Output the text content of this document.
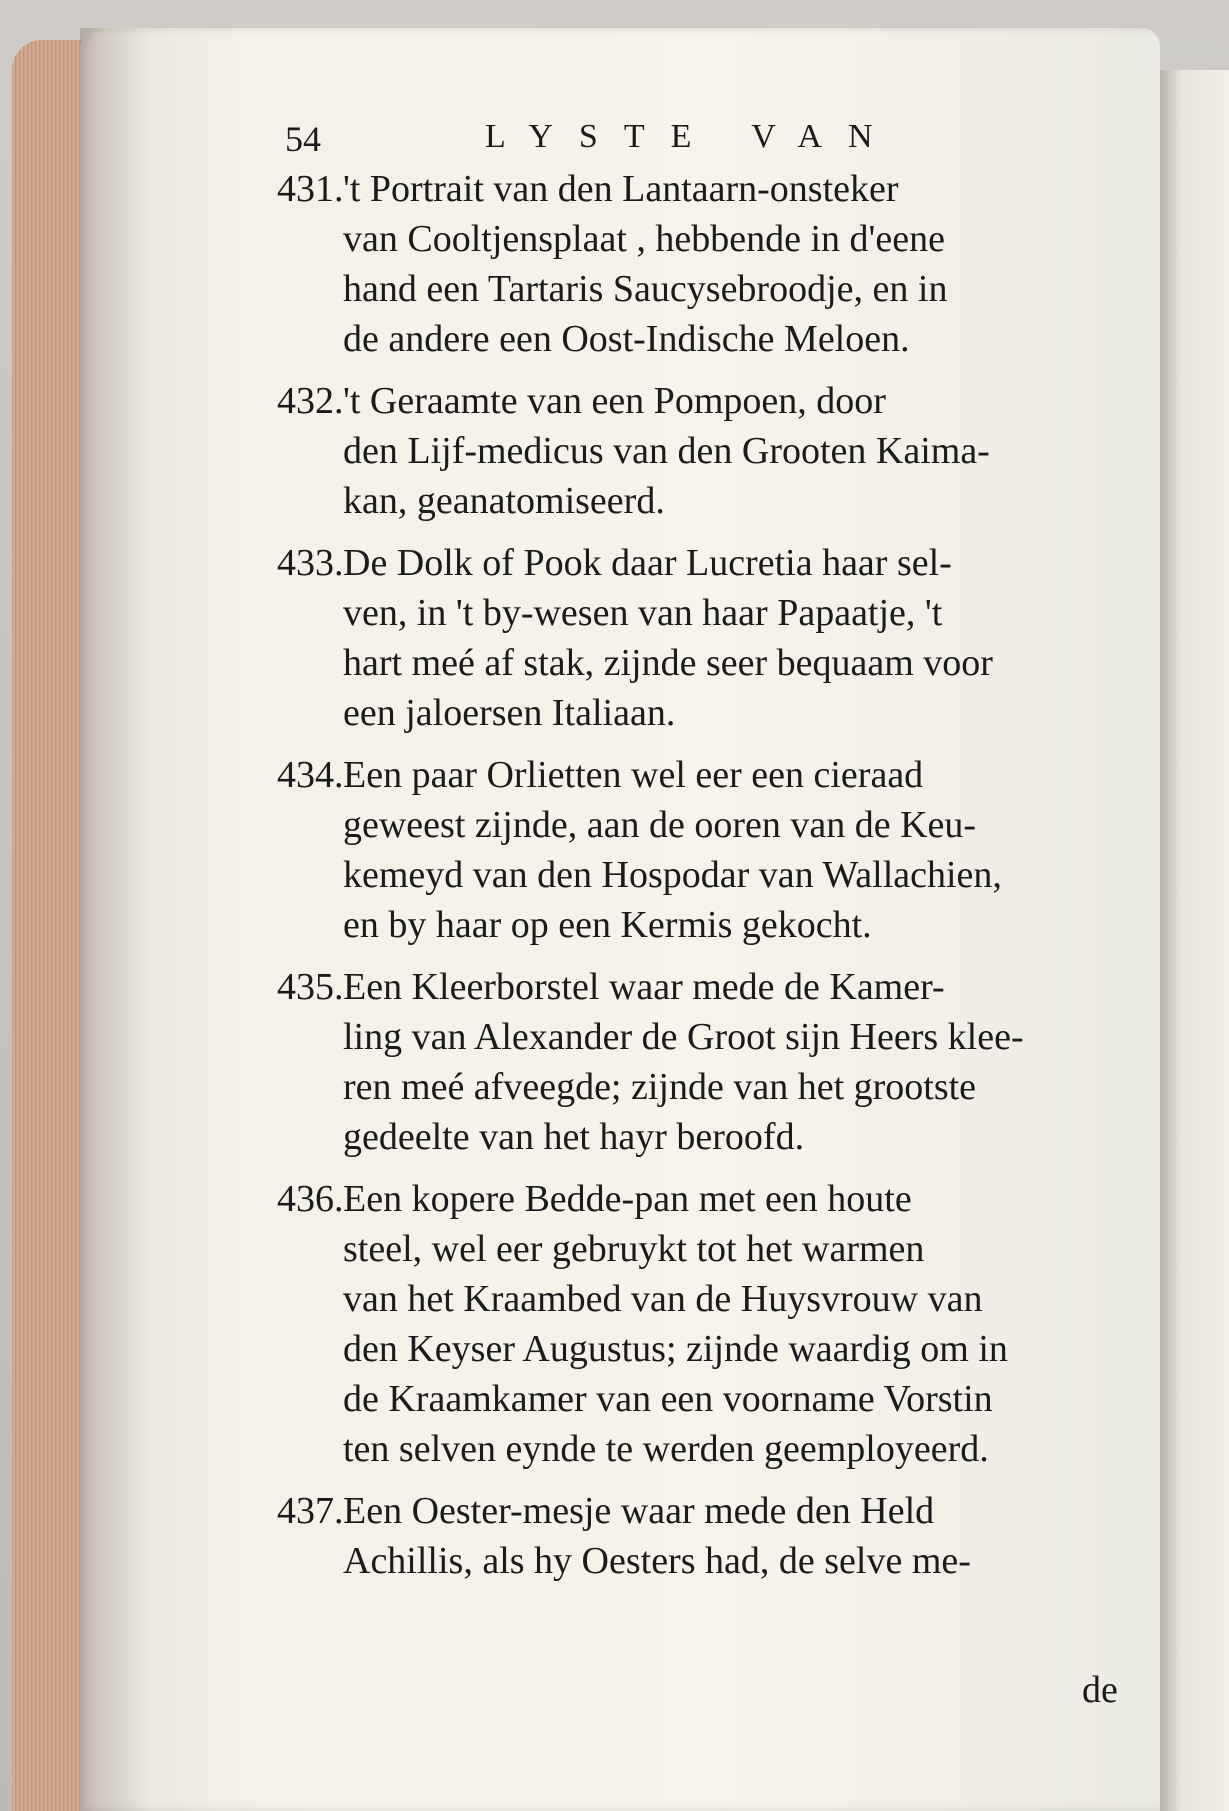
54	LYSTE VAN
431. 't Portrait van den Lantaarn-onsteker
van Cooltjensplaat , hebbende in d'eene
hand een Tartaris Saucysebroodje, en in
de andere een Oost-Indische Meloen.
432. 't Geraamte van een Pompoen, door
den Lijf-medicus van den Grooten Kaima-
kan, geanatomiseerd.
433. De Dolk of Pook daar Lucretia haar sel-
ven, in 't by-wesen van haar Papaatje, 't
hart meé af stak, zijnde seer bequaam voor
een jaloersen Italiaan.
434. Een paar Orlietten wel eer een cieraad
geweest zijnde, aan de ooren van de Keu-
kemeyd van den Hospodar van Wallachien,
en by haar op een Kermis gekocht.
435. Een Kleerborstel waar mede de Kamer-
ling van Alexander de Groot sijn Heers klee-
ren meé afveegde; zijnde van het grootste
gedeelte van het hayr beroofd.
436. Een kopere Bedde-pan met een houte
steel, wel eer gebruykt tot het warmen
van het Kraambed van de Huysvrouw van
den Keyser Augustus; zijnde waardig om in
de Kraamkamer van een voorname Vorstin
ten selven eynde te werden geemployeerd.
437. Een Oester-mesje waar mede den Held
Achillis, als hy Oesters had, de selve me-
de
